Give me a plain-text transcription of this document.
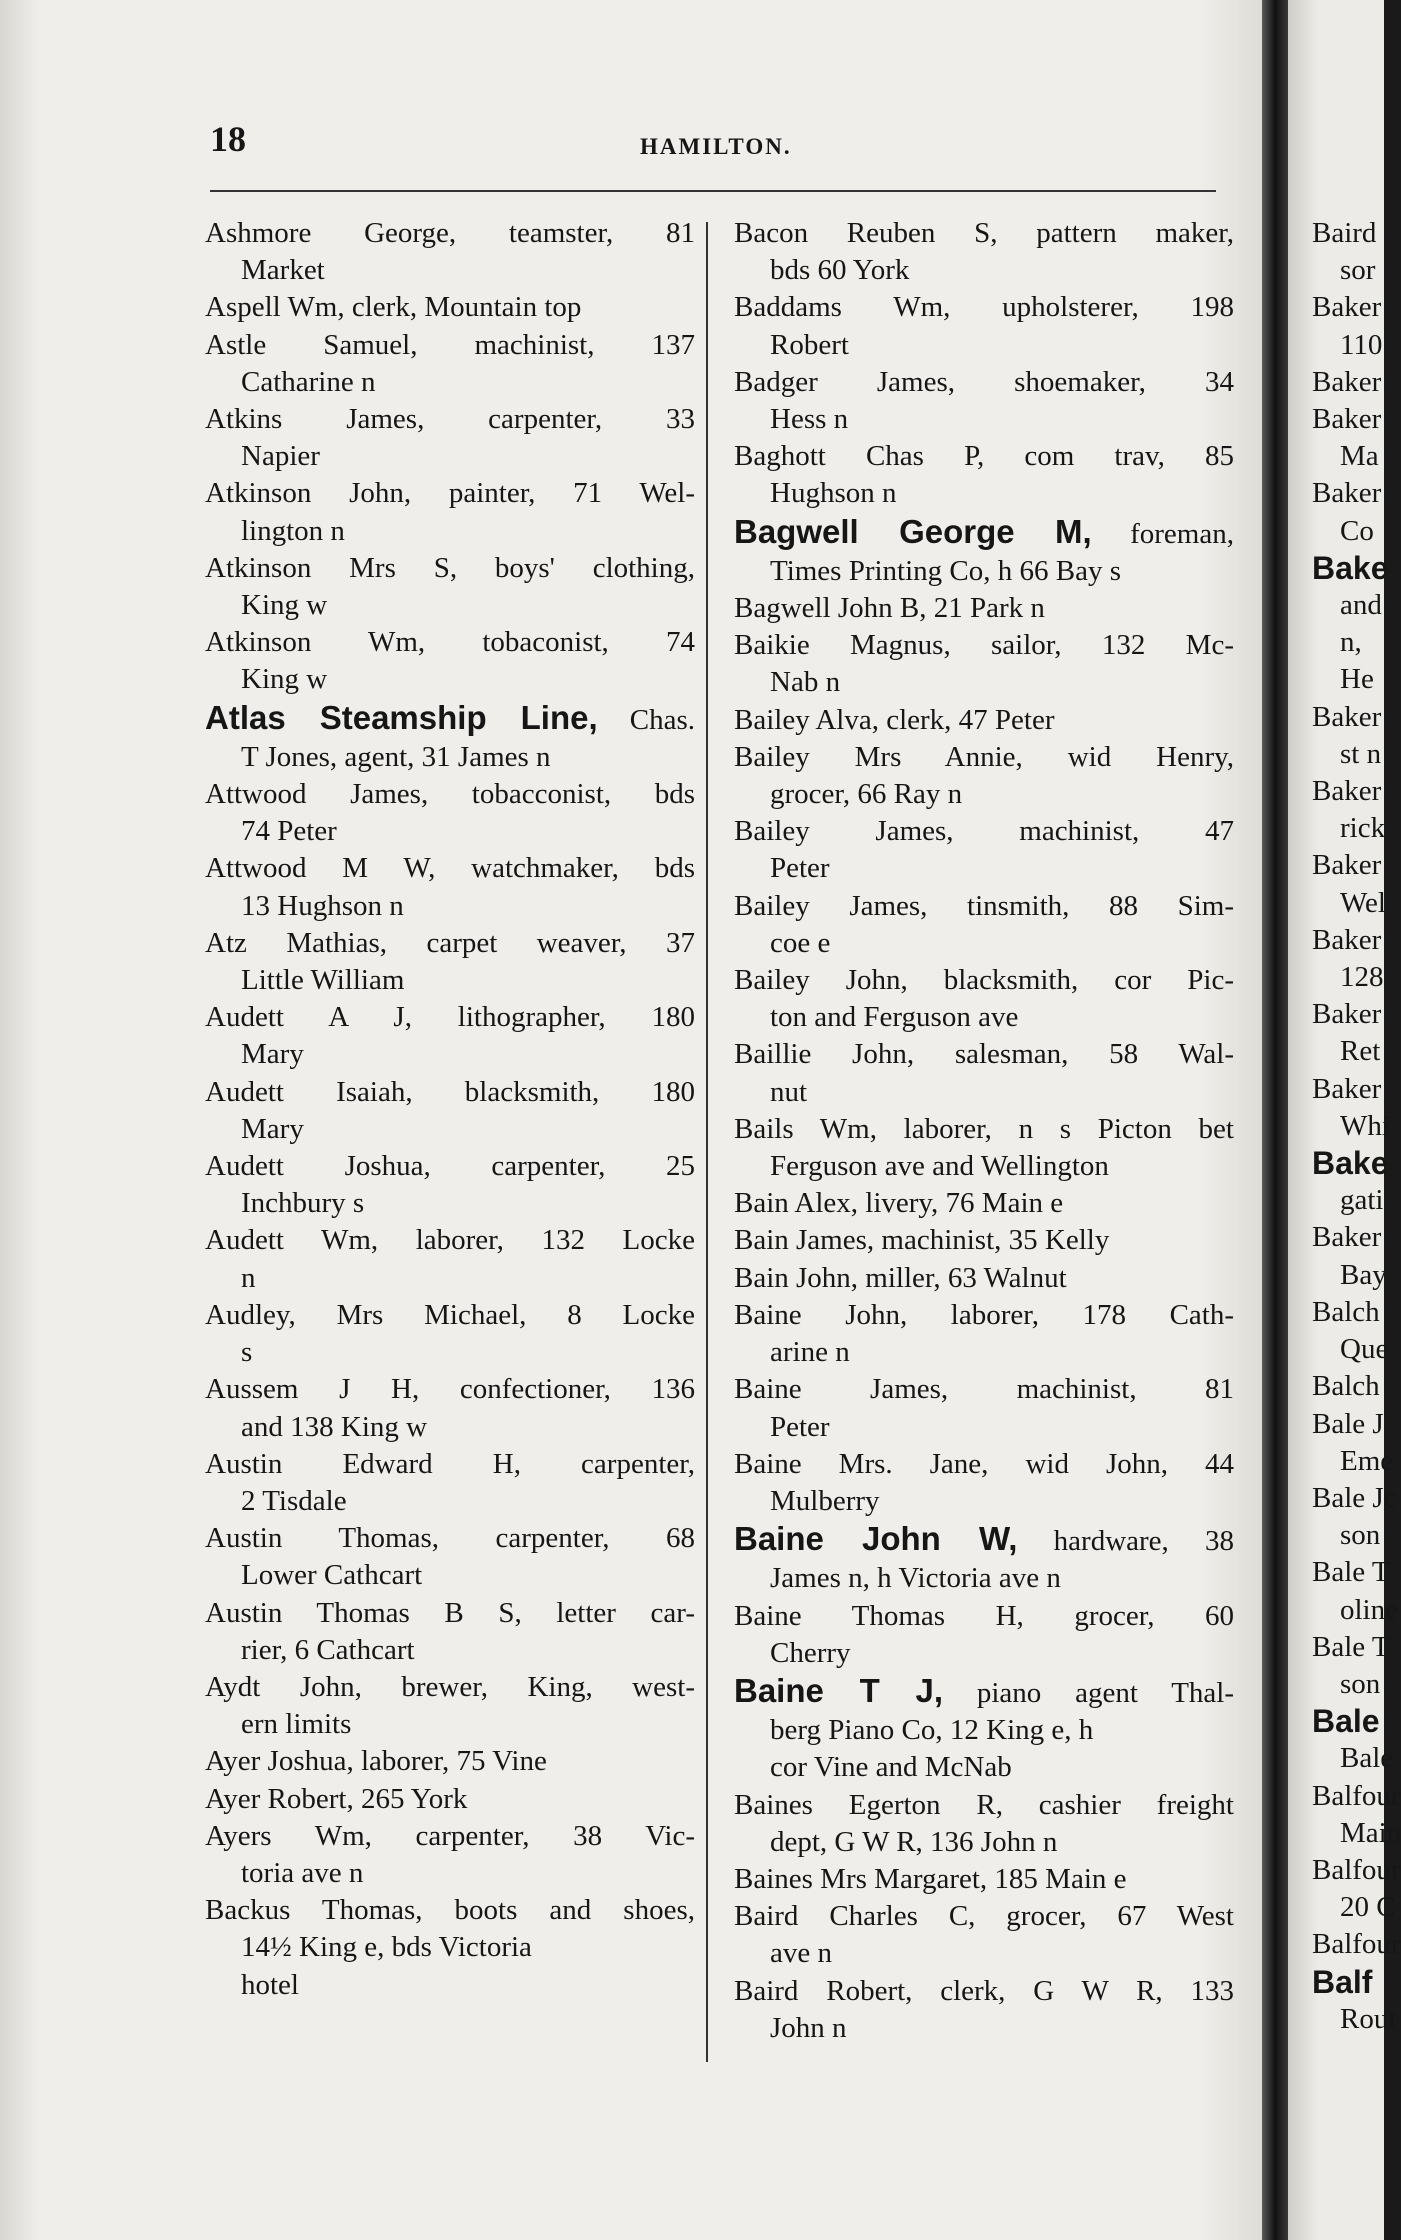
18	HAMILTON.
Ashmore George, teamster, 81
Market
Aspell Wm, clerk, Mountain top
Astle Samuel, machinist, 137
Catharine n
Atkins James, carpenter, 33
Napier
Atkinson John, painter, 71 Wel-
lington n
Atkinson Mrs S, boys' clothing,
King w
Atkinson Wm, tobaconist, 74
King w
Atlas Steamship Line, Chas.
T Jones, agent, 31 James n
Attwood James, tobacconist, bds
74 Peter
Attwood M W, watchmaker, bds
13 Hughson n
Atz Mathias, carpet weaver, 37
Little William
Audett A J, lithographer, 180
Mary
Audett Isaiah, blacksmith, 180
Mary
Audett Joshua, carpenter, 25
Inchbury s
Audett Wm, laborer, 132 Locke
n
Audley, Mrs Michael, 8 Locke
s
Aussem J H, confectioner, 136
and 138 King w
Austin Edward H, carpenter,
2 Tisdale
Austin Thomas, carpenter, 68
Lower Cathcart
Austin Thomas B S, letter car-
rier, 6 Cathcart
Aydt John, brewer, King, west-
ern limits
Ayer Joshua, laborer, 75 Vine
Ayer Robert, 265 York
Ayers Wm, carpenter, 38 Vic-
toria ave n
Backus Thomas, boots and shoes,
14½ King e, bds Victoria
hotel
Bacon Reuben S, pattern maker,
bds 60 York
Baddams Wm, upholsterer, 198
Robert
Badger James, shoemaker, 34
Hess n
Baghott Chas P, com trav, 85
Hughson n
Bagwell George M, foreman,
Times Printing Co, h 66 Bay s
Bagwell John B, 21 Park n
Baikie Magnus, sailor, 132 Mc-
Nab n
Bailey Alva, clerk, 47 Peter
Bailey Mrs Annie, wid Henry,
grocer, 66 Ray n
Bailey James, machinist, 47
Peter
Bailey James, tinsmith, 88 Sim-
coe e
Bailey John, blacksmith, cor Pic-
ton and Ferguson ave
Baillie John, salesman, 58 Wal-
nut
Bails Wm, laborer, n s Picton bet
Ferguson ave and Wellington
Bain Alex, livery, 76 Main e
Bain James, machinist, 35 Kelly
Bain John, miller, 63 Walnut
Baine John, laborer, 178 Cath-
arine n
Baine James, machinist, 81
Peter
Baine Mrs. Jane, wid John, 44
Mulberry
Baine John W, hardware, 38
James n, h Victoria ave n
Baine Thomas H, grocer, 60
Cherry
Baine T J, piano agent Thal-
berg Piano Co, 12 King e, h
cor Vine and McNab
Baines Egerton R, cashier freight
dept, G W R, 136 John n
Baines Mrs Margaret, 185 Main e
Baird Charles C, grocer, 67 West
ave n
Baird Robert, clerk, G W R, 133
John n
Baird
sor
Baker
110
Baker
Baker
Ma
Baker
Co
Bake
and
n,
He
Baker
st n
Baker
rick
Baker
Wel
Baker
128
Baker
Ret
Baker
Whi
Bake
gati
Baker
Bay
Balch
Que
Balch
Bale J
Eme
Bale Jc
son
Bale T
oline
Bale T
son
Bale
Bale
Balfour
Main
Balfour
20 C
Balfour
Balf
Rout
